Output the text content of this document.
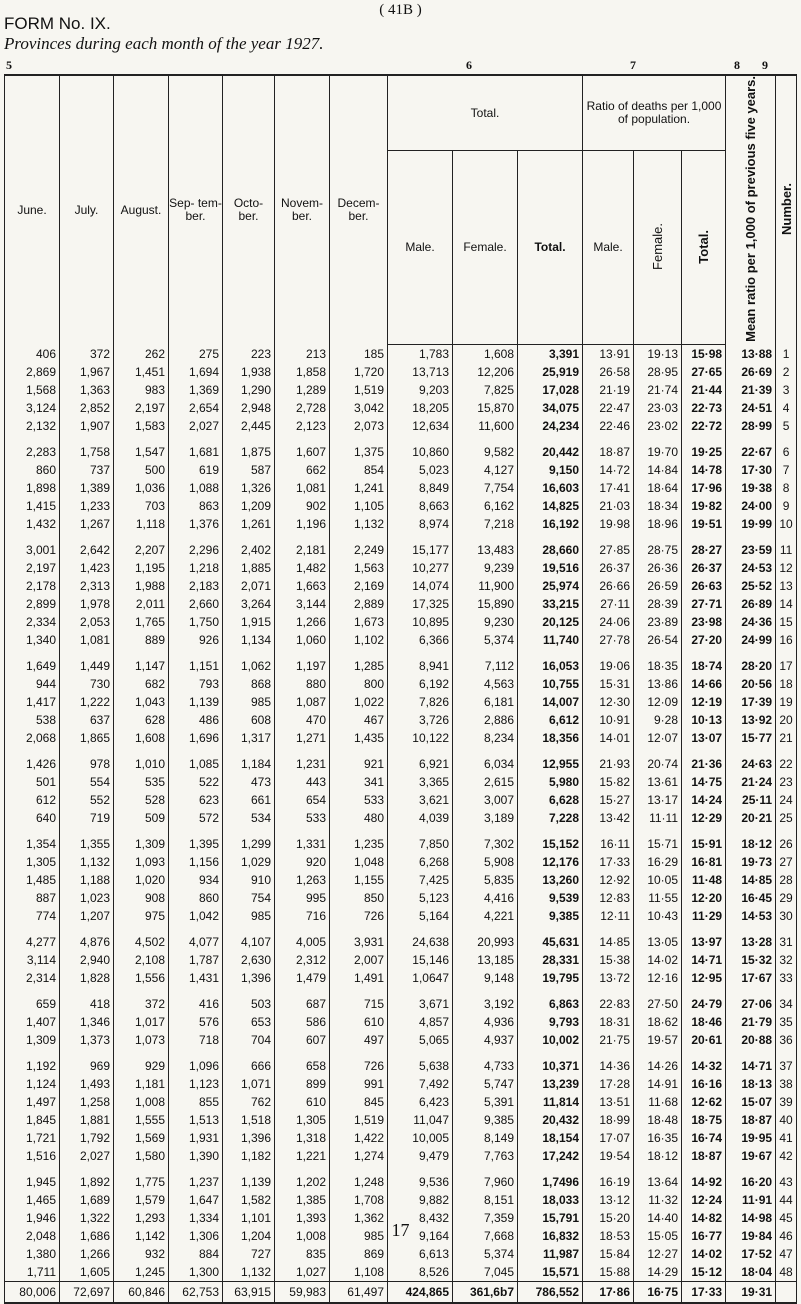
( 41B )
FORM No. IX.
Provinces during each month of the year 1927.
5	6	7	8 9
June.	July.	August.	Sep- tem- ber.	Octo- ber.	Novem- ber.	Decem- ber.	Total.			Ratio of deaths per 1,000 of population.			Mean ratio per 1,000 of previous five years.	Number.
							Male.	Female.	Total.	Male.	Female.	Total.		
406	372	262	275	223	213	185	1,783	1,608	3,391	13·91	19·13	15·98	13·88	1
2,869	1,967	1,451	1,694	1,938	1,858	1,720	13,713	12,206	25,919	26·58	28·95	27·65	26·69	2
1,568	1,363	983	1,369	1,290	1,289	1,519	9,203	7,825	17,028	21·19	21·74	21·44	21·39	3
3,124	2,852	2,197	2,654	2,948	2,728	3,042	18,205	15,870	34,075	22·47	23·03	22·73	24·51	4
2,132	1,907	1,583	2,027	2,445	2,123	2,073	12,634	11,600	24,234	22·46	23·02	22·72	28·99	5

2,283	1,758	1,547	1,681	1,875	1,607	1,375	10,860	9,582	20,442	18·87	19·70	19·25	22·67	6
860	737	500	619	587	662	854	5,023	4,127	9,150	14·72	14·84	14·78	17·30	7
1,898	1,389	1,036	1,088	1,326	1,081	1,241	8,849	7,754	16,603	17·41	18·64	17·96	19·38	8
1,415	1,233	703	863	1,209	902	1,105	8,663	6,162	14,825	21·03	18·34	19·82	24·00	9
1,432	1,267	1,118	1,376	1,261	1,196	1,132	8,974	7,218	16,192	19·98	18·96	19·51	19·99	10

3,001	2,642	2,207	2,296	2,402	2,181	2,249	15,177	13,483	28,660	27·85	28·75	28·27	23·59	11
2,197	1,423	1,195	1,218	1,885	1,482	1,563	10,277	9,239	19,516	26·37	26·36	26·37	24·53	12
2,178	2,313	1,988	2,183	2,071	1,663	2,169	14,074	11,900	25,974	26·66	26·59	26·63	25·52	13
2,899	1,978	2,011	2,660	3,264	3,144	2,889	17,325	15,890	33,215	27·11	28·39	27·71	26·89	14
2,334	2,053	1,765	1,750	1,915	1,266	1,673	10,895	9,230	20,125	24·06	23·89	23·98	24·36	15
1,340	1,081	889	926	1,134	1,060	1,102	6,366	5,374	11,740	27·78	26·54	27·20	24·99	16

1,649	1,449	1,147	1,151	1,062	1,197	1,285	8,941	7,112	16,053	19·06	18·35	18·74	28·20	17
944	730	682	793	868	880	800	6,192	4,563	10,755	15·31	13·86	14·66	20·56	18
1,417	1,222	1,043	1,139	985	1,087	1,022	7,826	6,181	14,007	12·30	12·09	12·19	17·39	19
538	637	628	486	608	470	467	3,726	2,886	6,612	10·91	9·28	10·13	13·92	20
2,068	1,865	1,608	1,696	1,317	1,271	1,435	10,122	8,234	18,356	14·01	12·07	13·07	15·77	21

1,426	978	1,010	1,085	1,184	1,231	921	6,921	6,034	12,955	21·93	20·74	21·36	24·63	22
501	554	535	522	473	443	341	3,365	2,615	5,980	15·82	13·61	14·75	21·24	23
612	552	528	623	661	654	533	3,621	3,007	6,628	15·27	13·17	14·24	25·11	24
640	719	509	572	534	533	480	4,039	3,189	7,228	13·42	11·11	12·29	20·21	25

1,354	1,355	1,309	1,395	1,299	1,331	1,235	7,850	7,302	15,152	16·11	15·71	15·91	18·12	26
1,305	1,132	1,093	1,156	1,029	920	1,048	6,268	5,908	12,176	17·33	16·29	16·81	19·73	27
1,485	1,188	1,020	934	910	1,263	1,155	7,425	5,835	13,260	12·92	10·05	11·48	14·85	28
887	1,023	908	860	754	995	850	5,123	4,416	9,539	12·83	11·55	12·20	16·45	29
774	1,207	975	1,042	985	716	726	5,164	4,221	9,385	12·11	10·43	11·29	14·53	30

4,277	4,876	4,502	4,077	4,107	4,005	3,931	24,638	20,993	45,631	14·85	13·05	13·97	13·28	31
3,114	2,940	2,108	1,787	2,630	2,312	2,007	15,146	13,185	28,331	15·38	14·02	14·71	15·32	32
2,314	1,828	1,556	1,431	1,396	1,479	1,491	1,0647	9,148	19,795	13·72	12·16	12·95	17·67	33

659	418	372	416	503	687	715	3,671	3,192	6,863	22·83	27·50	24·79	27·06	34
1,407	1,346	1,017	576	653	586	610	4,857	4,936	9,793	18·31	18·62	18·46	21·79	35
1,309	1,373	1,073	718	704	607	497	5,065	4,937	10,002	21·75	19·57	20·61	20·88	36

1,192	969	929	1,096	666	658	726	5,638	4,733	10,371	14·36	14·26	14·32	14·71	37
1,124	1,493	1,181	1,123	1,071	899	991	7,492	5,747	13,239	17·28	14·91	16·16	18·13	38
1,497	1,258	1,008	855	762	610	845	6,423	5,391	11,814	13·51	11·68	12·62	15·07	39
1,845	1,881	1,555	1,513	1,518	1,305	1,519	11,047	9,385	20,432	18·99	18·48	18·75	18·87	40
1,721	1,792	1,569	1,931	1,396	1,318	1,422	10,005	8,149	18,154	17·07	16·35	16·74	19·95	41
1,516	2,027	1,580	1,390	1,182	1,221	1,274	9,479	7,763	17,242	19·54	18·12	18·87	19·67	42

1,945	1,892	1,775	1,237	1,139	1,202	1,248	9,536	7,960	1,7496	16·19	13·64	14·92	16·20	43
1,465	1,689	1,579	1,647	1,582	1,385	1,708	9,882	8,151	18,033	13·12	11·32	12·24	11·91	44
1,946	1,322	1,293	1,334	1,101	1,393	1,362	8,432	7,359	15,791	15·20	14·40	14·82	14·98	45
2,048	1,686	1,142	1,306	1,204	1,008	985	9,164	7,668	16,832	18·53	15·05	16·77	19·84	46
1,380	1,266	932	884	727	835	869	6,613	5,374	11,987	15·84	12·27	14·02	17·52	47
1,711	1,605	1,245	1,300	1,132	1,027	1,108	8,526	7,045	15,571	15·88	14·29	15·12	18·04	48
80,006	72,697	60,846	62,753	63,915	59,983	61,497	424,865	361,6b7	786,552	17·86	16·75	17·33	19·31	
17
